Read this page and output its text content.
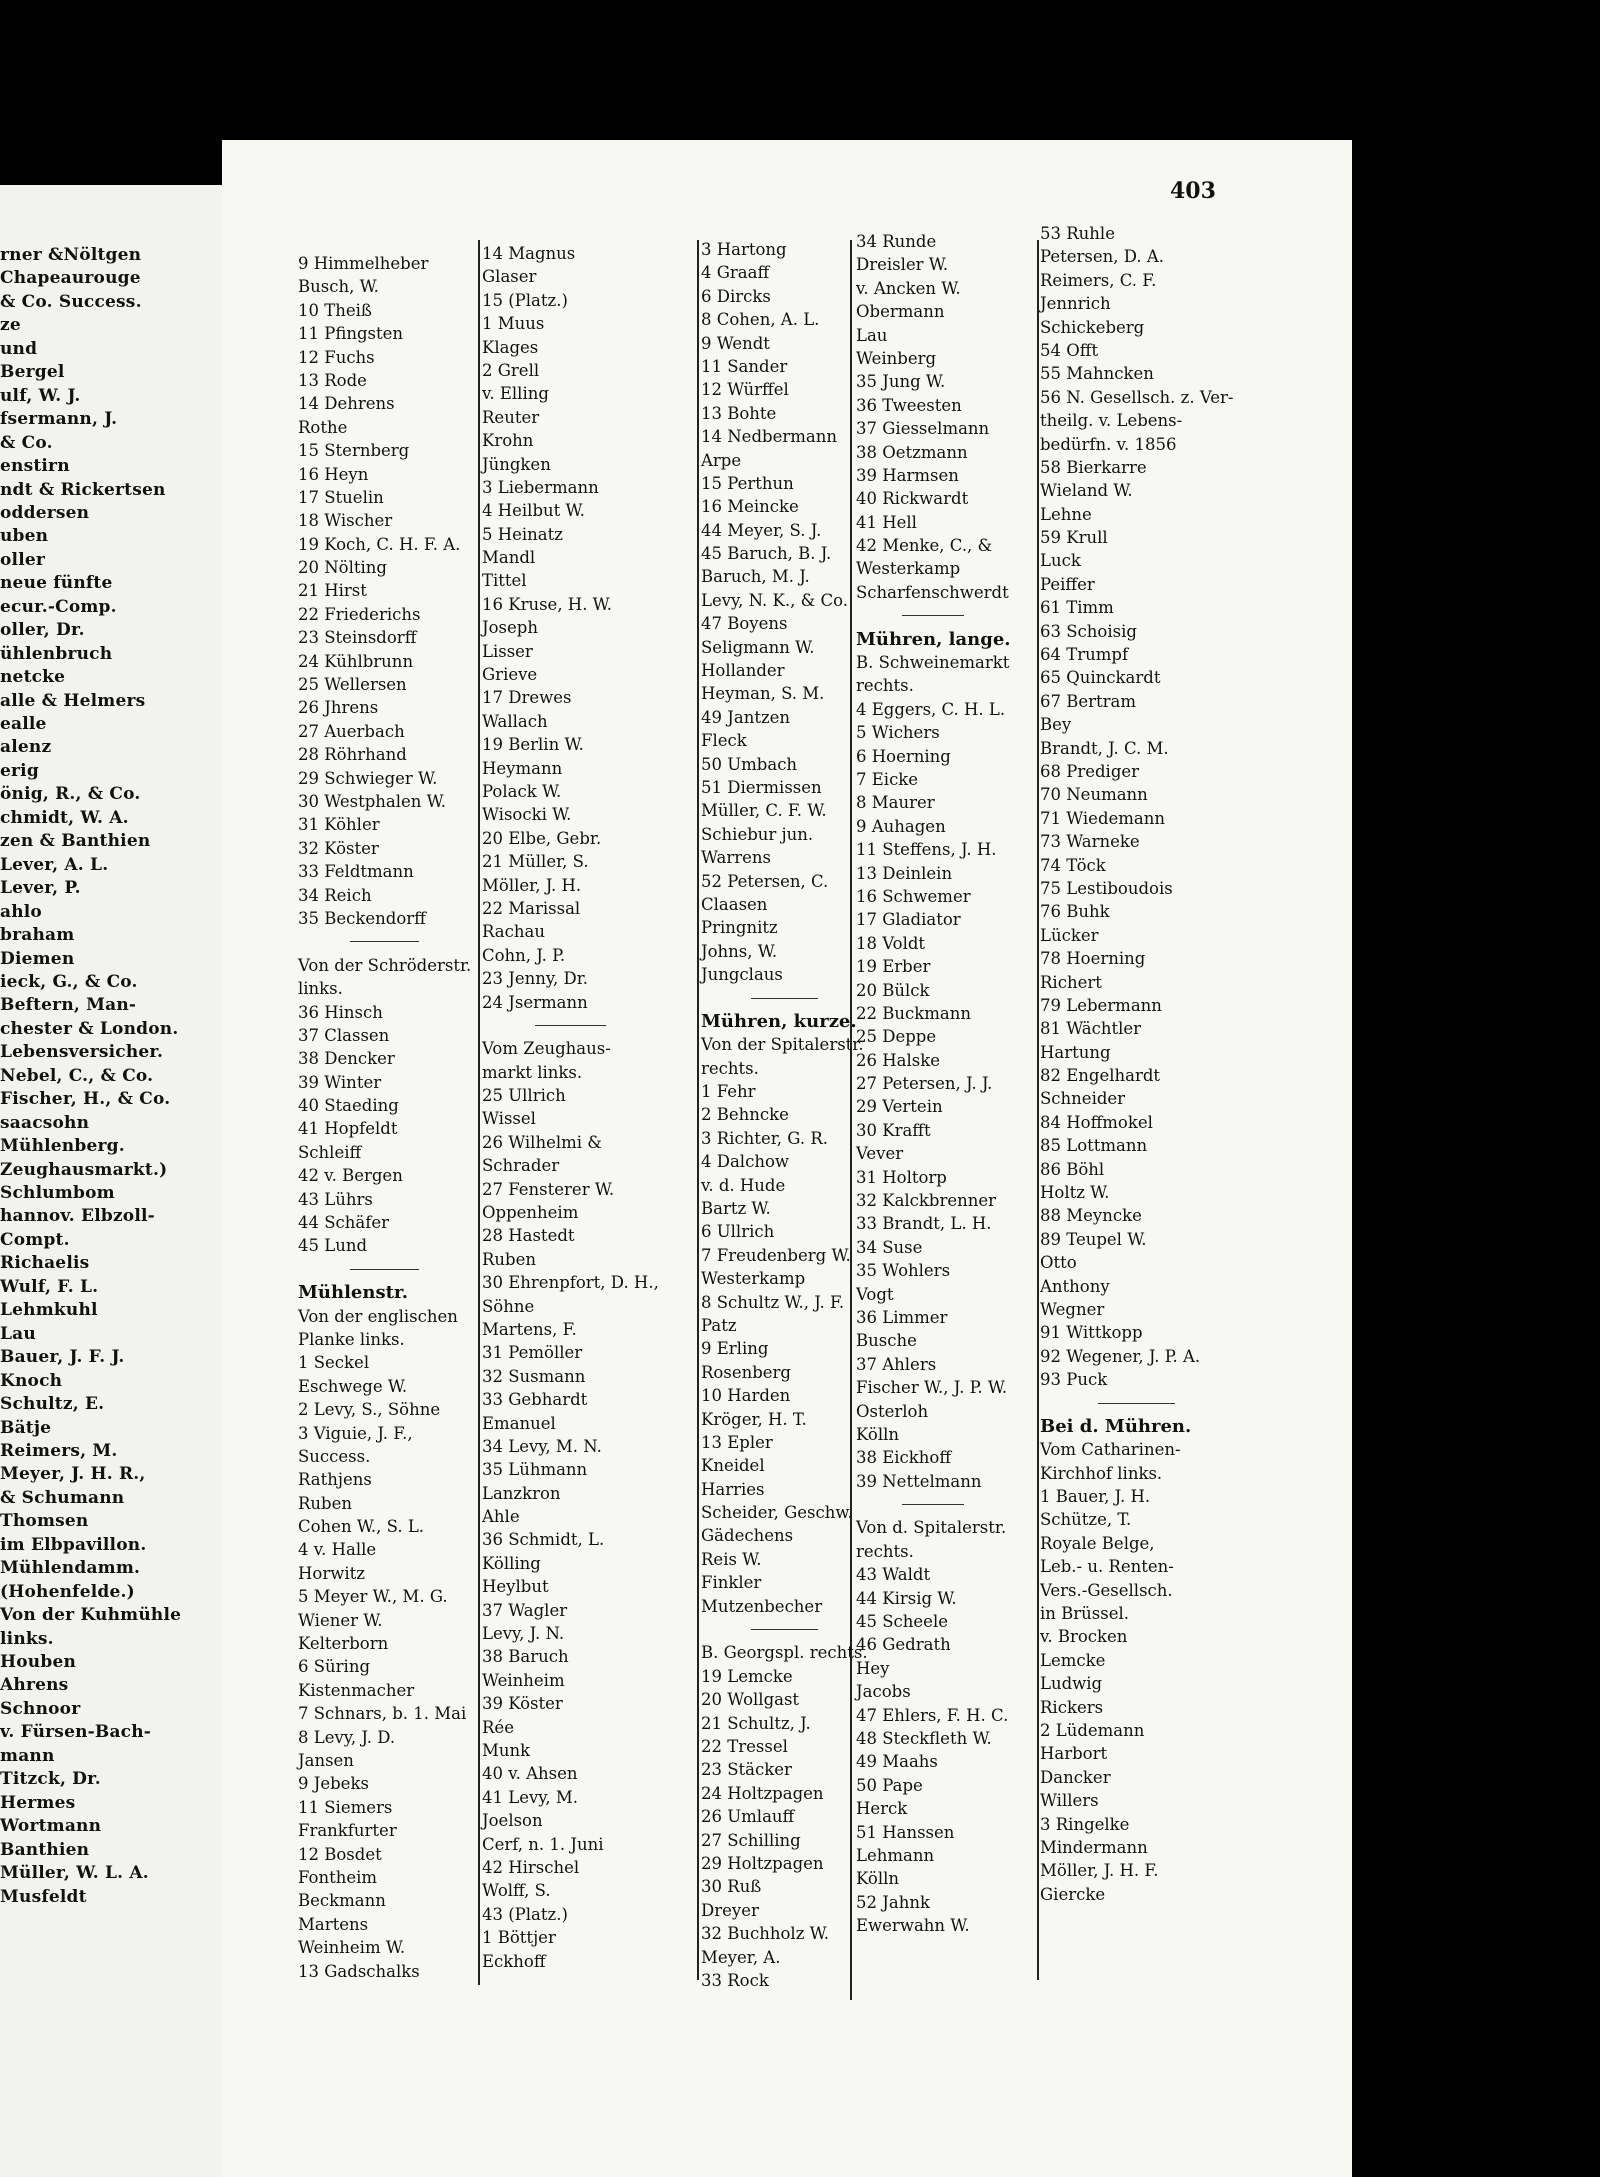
403
rner &Nöltgen
Chapeaurouge
& Co. Success.
ze
und
Bergel
ulf, W. J.
fsermann, J.
& Co.
enstirn
ndt & Rickertsen
oddersen
uben
oller
neue fünfte
ecur.-Comp.
oller, Dr.
ühlenbruch
netcke
alle & Helmers
ealle
alenz
erig
önig, R., & Co.
chmidt, W. A.
zen & Banthien
Lever, A. L.
Lever, P.
ahlo
braham
Diemen
ieck, G., & Co.
Beftern, Man-
chester & London.
Lebensversicher.
Nebel, C., & Co.
Fischer, H., & Co.
saacsohn
Mühlenberg.
Zeughausmarkt.)
Schlumbom
hannov. Elbzoll-
Compt.
Richaelis
Wulf, F. L.
Lehmkuhl
Lau
Bauer, J. F. J.
Knoch
Schultz, E.
Bätje
Reimers, M.
Meyer, J. H. R.,
& Schumann
Thomsen
im Elbpavillon.
Mühlendamm.
(Hohenfelde.)
Von der Kuhmühle
links.
Houben
Ahrens
Schnoor
v. Fürsen-Bach-
mann
Titzck, Dr.
Hermes
Wortmann
Banthien
Müller, W. L. A.
Musfeldt
9 Himmelheber
Busch, W.
10 Theiß
11 Pfingsten
12 Fuchs
13 Rode
14 Dehrens
Rothe
15 Sternberg
16 Heyn
17 Stuelin
18 Wischer
19 Koch, C. H. F. A.
20 Nölting
21 Hirst
22 Friederichs
23 Steinsdorff
24 Kühlbrunn
25 Wellersen
26 Jhrens
27 Auerbach
28 Röhrhand
29 Schwieger W.
30 Westphalen W.
31 Köhler
32 Köster
33 Feldtmann
34 Reich
35 Beckendorff
Von der Schröderstr.
links.
36 Hinsch
37 Classen
38 Dencker
39 Winter
40 Staeding
41 Hopfeldt
Schleiff
42 v. Bergen
43 Lührs
44 Schäfer
45 Lund
Mühlenstr.
Von der englischen
Planke links.
1 Seckel
Eschwege W.
2 Levy, S., Söhne
3 Viguie, J. F.,
Success.
Rathjens
Ruben
Cohen W., S. L.
4 v. Halle
Horwitz
5 Meyer W., M. G.
Wiener W.
Kelterborn
6 Süring
Kistenmacher
7 Schnars, b. 1. Mai
8 Levy, J. D.
Jansen
9 Jebeks
11 Siemers
Frankfurter
12 Bosdet
Fontheim
Beckmann
Martens
Weinheim W.
13 Gadschalks
14 Magnus
Glaser
15 (Platz.)
1 Muus
Klages
2 Grell
v. Elling
Reuter
Krohn
Jüngken
3 Liebermann
4 Heilbut W.
5 Heinatz
Mandl
Tittel
16 Kruse, H. W.
Joseph
Lisser
Grieve
17 Drewes
Wallach
19 Berlin W.
Heymann
Polack W.
Wisocki W.
20 Elbe, Gebr.
21 Müller, S.
Möller, J. H.
22 Marissal
Rachau
Cohn, J. P.
23 Jenny, Dr.
24 Jsermann
Vom Zeughaus-
markt links.
25 Ullrich
Wissel
26 Wilhelmi &
Schrader
27 Fensterer W.
Oppenheim
28 Hastedt
Ruben
30 Ehrenpfort, D. H.,
Söhne
Martens, F.
31 Pemöller
32 Susmann
33 Gebhardt
Emanuel
34 Levy, M. N.
35 Lühmann
Lanzkron
Ahle
36 Schmidt, L.
Kölling
Heylbut
37 Wagler
Levy, J. N.
38 Baruch
Weinheim
39 Köster
Rée
Munk
40 v. Ahsen
41 Levy, M.
Joelson
Cerf, n. 1. Juni
42 Hirschel
Wolff, S.
43 (Platz.)
1 Böttjer
Eckhoff
3 Hartong
4 Graaff
6 Dircks
8 Cohen, A. L.
9 Wendt
11 Sander
12 Würffel
13 Bohte
14 Nedbermann
Arpe
15 Perthun
16 Meincke
44 Meyer, S. J.
45 Baruch, B. J.
Baruch, M. J.
Levy, N. K., & Co.
47 Boyens
Seligmann W.
Hollander
Heyman, S. M.
49 Jantzen
Fleck
50 Umbach
51 Diermissen
Müller, C. F. W.
Schiebur jun.
Warrens
52 Petersen, C.
Claasen
Pringnitz
Johns, W.
Jungclaus
Mühren, kurze.
Von der Spitalerstr.
rechts.
1 Fehr
2 Behncke
3 Richter, G. R.
4 Dalchow
v. d. Hude
Bartz W.
6 Ullrich
7 Freudenberg W.
Westerkamp
8 Schultz W., J. F.
Patz
9 Erling
Rosenberg
10 Harden
Kröger, H. T.
13 Epler
Kneidel
Harries
Scheider, Geschw.
Gädechens
Reis W.
Finkler
Mutzenbecher
B. Georgspl. rechts.
19 Lemcke
20 Wollgast
21 Schultz, J.
22 Tressel
23 Stäcker
24 Holtzpagen
26 Umlauff
27 Schilling
29 Holtzpagen
30 Ruß
Dreyer
32 Buchholz W.
Meyer, A.
33 Rock
34 Runde
Dreisler W.
v. Ancken W.
Obermann
Lau
Weinberg
35 Jung W.
36 Tweesten
37 Giesselmann
38 Oetzmann
39 Harmsen
40 Rickwardt
41 Hell
42 Menke, C., &
Westerkamp
Scharfenschwerdt
Mühren, lange.
B. Schweinemarkt
rechts.
4 Eggers, C. H. L.
5 Wichers
6 Hoerning
7 Eicke
8 Maurer
9 Auhagen
11 Steffens, J. H.
13 Deinlein
16 Schwemer
17 Gladiator
18 Voldt
19 Erber
20 Bülck
22 Buckmann
25 Deppe
26 Halske
27 Petersen, J. J.
29 Vertein
30 Krafft
Vever
31 Holtorp
32 Kalckbrenner
33 Brandt, L. H.
34 Suse
35 Wohlers
Vogt
36 Limmer
Busche
37 Ahlers
Fischer W., J. P. W.
Osterloh
Kölln
38 Eickhoff
39 Nettelmann
Von d. Spitalerstr.
rechts.
43 Waldt
44 Kirsig W.
45 Scheele
46 Gedrath
Hey
Jacobs
47 Ehlers, F. H. C.
48 Steckfleth W.
49 Maahs
50 Pape
Herck
51 Hanssen
Lehmann
Kölln
52 Jahnk
Ewerwahn W.
53 Ruhle
Petersen, D. A.
Reimers, C. F.
Jennrich
Schickeberg
54 Offt
55 Mahncken
56 N. Gesellsch. z. Ver-
theilg. v. Lebens-
bedürfn. v. 1856
58 Bierkarre
Wieland W.
Lehne
59 Krull
Luck
Peiffer
61 Timm
63 Schoisig
64 Trumpf
65 Quinckardt
67 Bertram
Bey
Brandt, J. C. M.
68 Prediger
70 Neumann
71 Wiedemann
73 Warneke
74 Töck
75 Lestiboudois
76 Buhk
Lücker
78 Hoerning
Richert
79 Lebermann
81 Wächtler
Hartung
82 Engelhardt
Schneider
84 Hoffmokel
85 Lottmann
86 Böhl
Holtz W.
88 Meyncke
89 Teupel W.
Otto
Anthony
Wegner
91 Wittkopp
92 Wegener, J. P. A.
93 Puck
Bei d. Mühren.
Vom Catharinen-
Kirchhof links.
1 Bauer, J. H.
Schütze, T.
Royale Belge,
Leb.- u. Renten-
Vers.-Gesellsch.
in Brüssel.
v. Brocken
Lemcke
Ludwig
Rickers
2 Lüdemann
Harbort
Dancker
Willers
3 Ringelke
Mindermann
Möller, J. H. F.
Giercke
